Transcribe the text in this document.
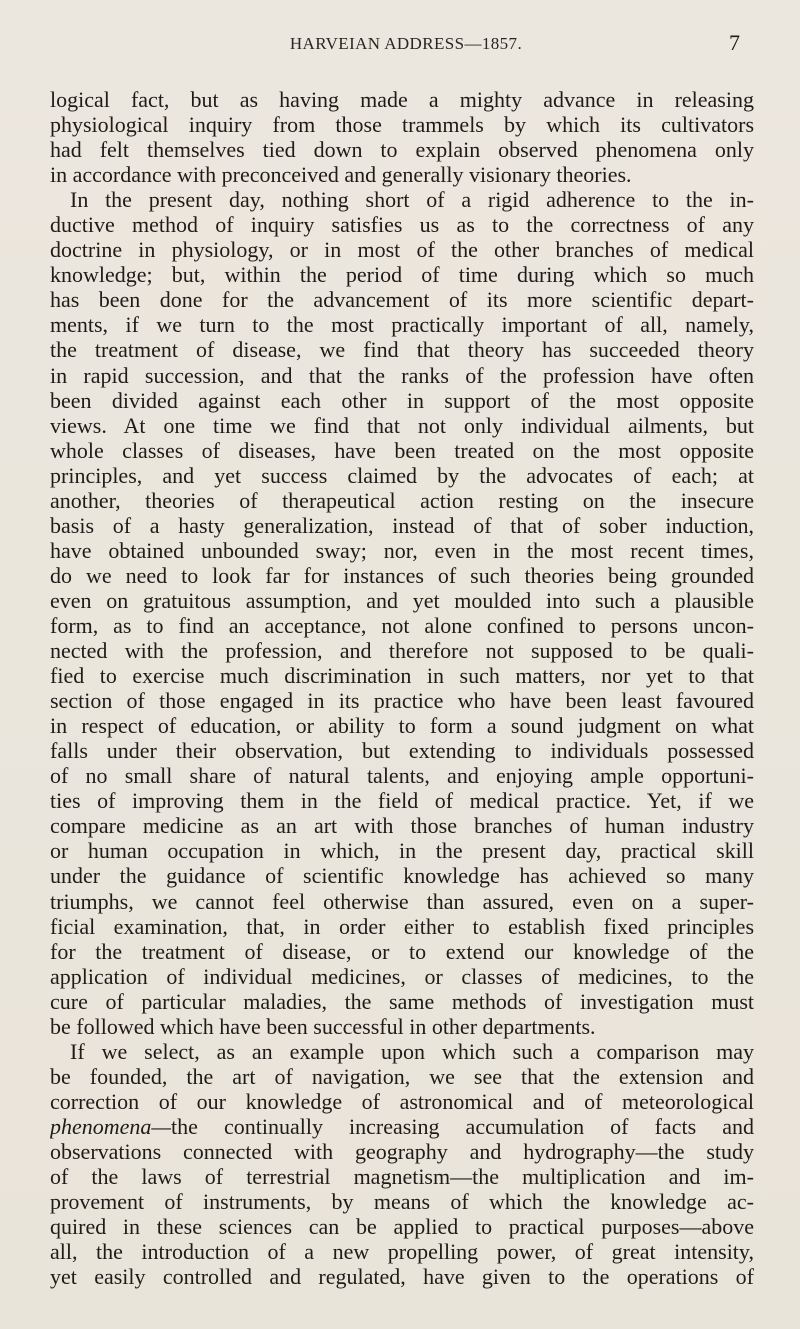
HARVEIAN ADDRESS—1857.	7
logical fact, but as having made a mighty advance in releasing
physiological inquiry from those trammels by which its cultivators
had felt themselves tied down to explain observed phenomena only
in accordance with preconceived and generally visionary theories.
In the present day, nothing short of a rigid adherence to the in-
ductive method of inquiry satisfies us as to the correctness of any
doctrine in physiology, or in most of the other branches of medical
knowledge; but, within the period of time during which so much
has been done for the advancement of its more scientific depart-
ments, if we turn to the most practically important of all, namely,
the treatment of disease, we find that theory has succeeded theory
in rapid succession, and that the ranks of the profession have often
been divided against each other in support of the most opposite
views. At one time we find that not only individual ailments, but
whole classes of diseases, have been treated on the most opposite
principles, and yet success claimed by the advocates of each; at
another, theories of therapeutical action resting on the insecure
basis of a hasty generalization, instead of that of sober induction,
have obtained unbounded sway; nor, even in the most recent times,
do we need to look far for instances of such theories being grounded
even on gratuitous assumption, and yet moulded into such a plausible
form, as to find an acceptance, not alone confined to persons uncon-
nected with the profession, and therefore not supposed to be quali-
fied to exercise much discrimination in such matters, nor yet to that
section of those engaged in its practice who have been least favoured
in respect of education, or ability to form a sound judgment on what
falls under their observation, but extending to individuals possessed
of no small share of natural talents, and enjoying ample opportuni-
ties of improving them in the field of medical practice. Yet, if we
compare medicine as an art with those branches of human industry
or human occupation in which, in the present day, practical skill
under the guidance of scientific knowledge has achieved so many
triumphs, we cannot feel otherwise than assured, even on a super-
ficial examination, that, in order either to establish fixed principles
for the treatment of disease, or to extend our knowledge of the
application of individual medicines, or classes of medicines, to the
cure of particular maladies, the same methods of investigation must
be followed which have been successful in other departments.
If we select, as an example upon which such a comparison may
be founded, the art of navigation, we see that the extension and
correction of our knowledge of astronomical and of meteorological
phenomena—the continually increasing accumulation of facts and
observations connected with geography and hydrography—the study
of the laws of terrestrial magnetism—the multiplication and im-
provement of instruments, by means of which the knowledge ac-
quired in these sciences can be applied to practical purposes—above
all, the introduction of a new propelling power, of great intensity,
yet easily controlled and regulated, have given to the operations of
